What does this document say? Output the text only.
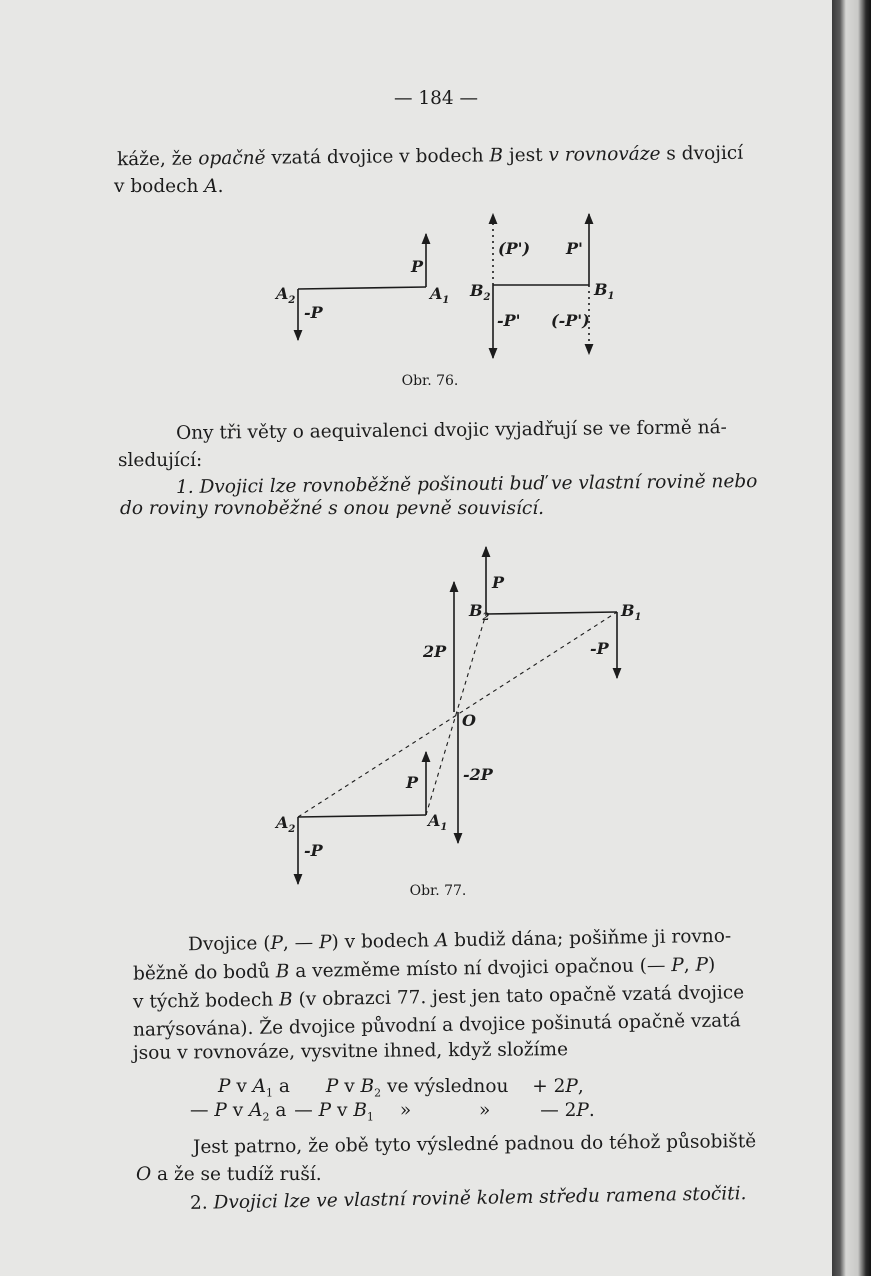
— 184 —
káže, že opačně vzatá dvojice v bodech B jest v rovnováze s dvojicí
v bodech A.
$A_2$	$A_1$
P
-P
$B_2$	$B_1$
(P') P'
-P' (-P')
Obr. 76.
Ony tři věty o aequivalenci dvojic vyjadřují se ve formě ná-
sledující:
1. Dvojici lze rovnoběžně pošinouti buď ve vlastní rovině nebo
do roviny rovnoběžné s onou pevně souvisící.
P
$B_2$	$B_1$
2P	-P
O
P	-2P
$A_2$	$A_1$
-P
Obr. 77.
Dvojice (P, — P) v bodech A budiž dána; pošiňme ji rovno-
běžně do bodů B a vezměme místo ní dvojici opačnou (— P, P)
v týchž bodech B (v obrazci 77. jest jen tato opačně vzatá dvojice
narýsována). Že dvojice původní a dvojice pošinutá opačně vzatá
jsou v rovnováze, vysvitne ihned, když složíme
P v $A_1$ a P v $B_2$ ve výslednou + 2P,
— P v $A_2$ a — P v $B_1$ »	»	— 2P.
Jest patrno, že obě tyto výsledné padnou do téhož působiště
O a že se tudíž ruší.
2. Dvojici lze ve vlastní rovině kolem středu ramena stočiti.
